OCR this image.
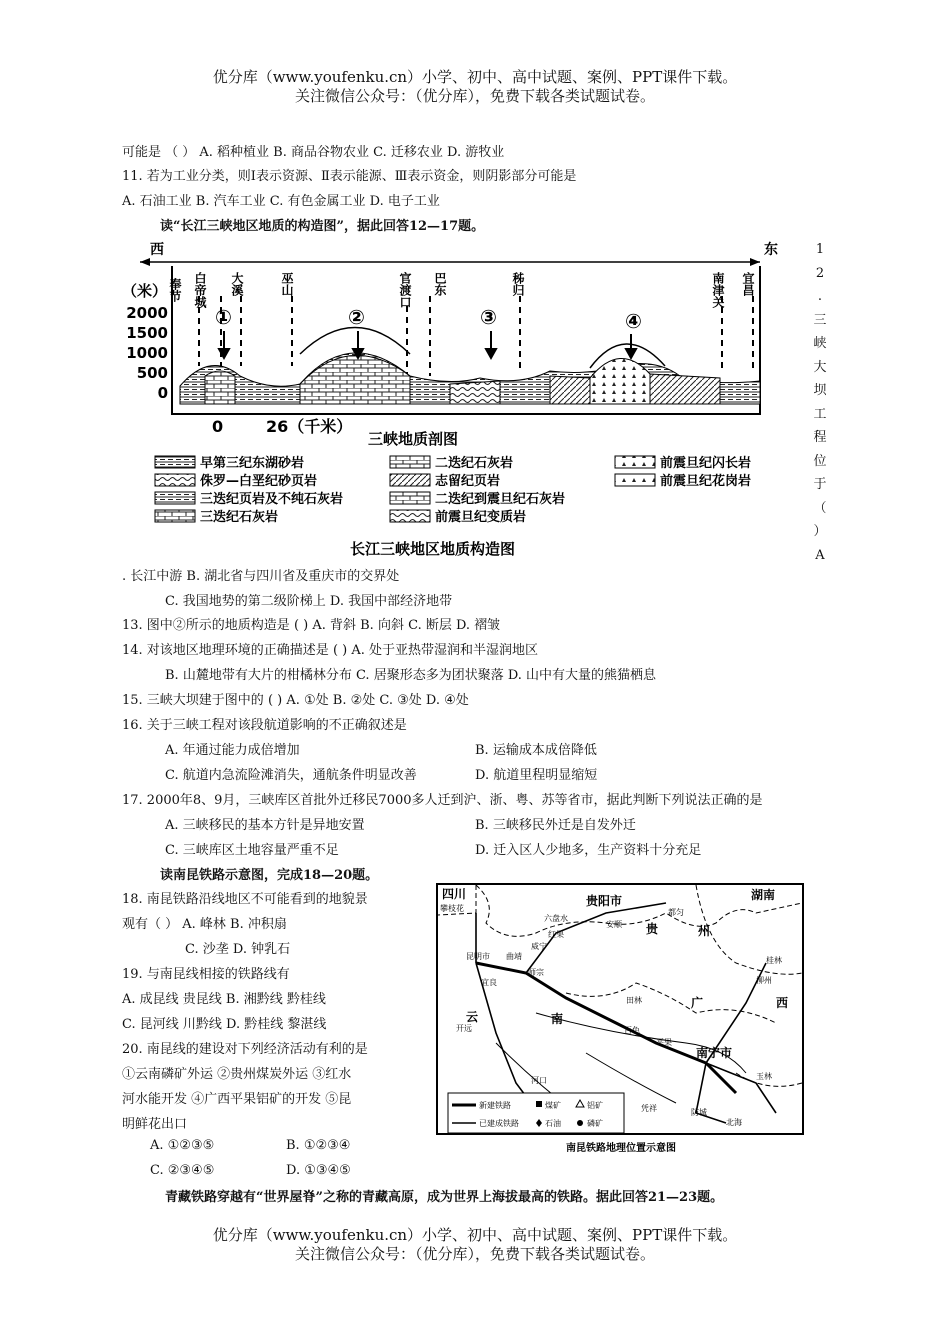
优分库（www.youfenku.cn）小学、初中、高中试题、案例、PPT课件下载。
关注微信公众号：（优分库），免费下载各类试题试卷。
可能是 （ ） A. 稻种植业 B. 商品谷物农业 C. 迁移农业 D. 游牧业
11. 若为工业分类，则Ⅰ表示资源、Ⅱ表示能源、Ⅲ表示资金，则阴影部分可能是
A. 石油工业 B. 汽车工业 C. 有色金属工业 D. 电子工业
读“长江三峡地区地质的构造图”，据此回答12—17题。
西	东
（米）
2000
1500
1000
500
0
奉节 白帝城 大溪	巫山	官渡口 巴东	秭归	南津关 宜昌
①	②	③	④
0	26（千米）
三峡地质剖图
早第三纪东湖砂岩
侏罗—白垩纪砂页岩
三迭纪页岩及不纯石灰岩
三迭纪石灰岩
二迭纪石灰岩
志留纪页岩
二迭纪到震旦纪石灰岩
前震旦纪变质岩
前震旦纪闪长岩
前震旦纪花岗岩
长江三峡地区地质构造图
1
2
.
三
峡
大
坝
工
程
位
于
（
）
A
. 长江中游 B. 湖北省与四川省及重庆市的交界处
C. 我国地势的第二级阶梯上 D. 我国中部经济地带
13. 图中②所示的地质构造是 ( ) A. 背斜 B. 向斜 C. 断层 D. 褶皱
14. 对该地区地理环境的正确描述是 ( ) A. 处于亚热带湿润和半湿润地区
B. 山麓地带有大片的柑橘林分布 C. 居聚形态多为团状聚落 D. 山中有大量的熊猫栖息
15. 三峡大坝建于图中的 ( ) A. ①处 B. ②处 C. ③处 D. ④处
16. 关于三峡工程对该段航道影响的不正确叙述是
A. 年通过能力成倍增加	B. 运输成本成倍降低
C. 航道内急流险滩消失，通航条件明显改善	D. 航道里程明显缩短
17. 2000年8、9月，三峡库区首批外迁移民7000多人迁到沪、浙、粤、苏等省市，据此判断下列说法正确的是
A. 三峡移民的基本方针是异地安置	B. 三峡移民外迁是自发外迁
C. 三峡库区土地容量严重不足	D. 迁入区人少地多，生产资料十分充足
读南昆铁路示意图，完成18—20题。
18. 南昆铁路沿线地区不可能看到的地貌景
观有（ ） A. 峰林 B. 冲积扇
C. 沙垄 D. 钟乳石
19. 与南昆线相接的铁路线有
A. 成昆线 贵昆线 B. 湘黔线 黔桂线
C. 昆河线 川黔线 D. 黔桂线 黎湛线
20. 南昆线的建设对下列经济活动有利的是
①云南磷矿外运 ②贵州煤炭外运 ③红水
河水能开发 ④广西平果铝矿的开发 ⑤昆
明鲜花出口
A. ①②③⑤	B. ①②③④
C. ②③④⑤	D. ①③④⑤
四川	贵阳市
贵	州
湖南
云	南
广	西
攀枝花
六盘水
红果
威宁
曲靖
昆明市
师宗
宜良
安顺
都匀
桂林
柳州
田林
百色
平果
开远
河口	玉林
凭祥	防城
北海
南宁市
新建铁路
已建成铁路
煤矿	铝矿
石油	磷矿
南昆铁路地理位置示意图
青藏铁路穿越有“世界屋脊”之称的青藏高原，成为世界上海拔最高的铁路。据此回答21—23题。
优分库（www.youfenku.cn）小学、初中、高中试题、案例、PPT课件下载。
关注微信公众号：（优分库），免费下载各类试题试卷。
